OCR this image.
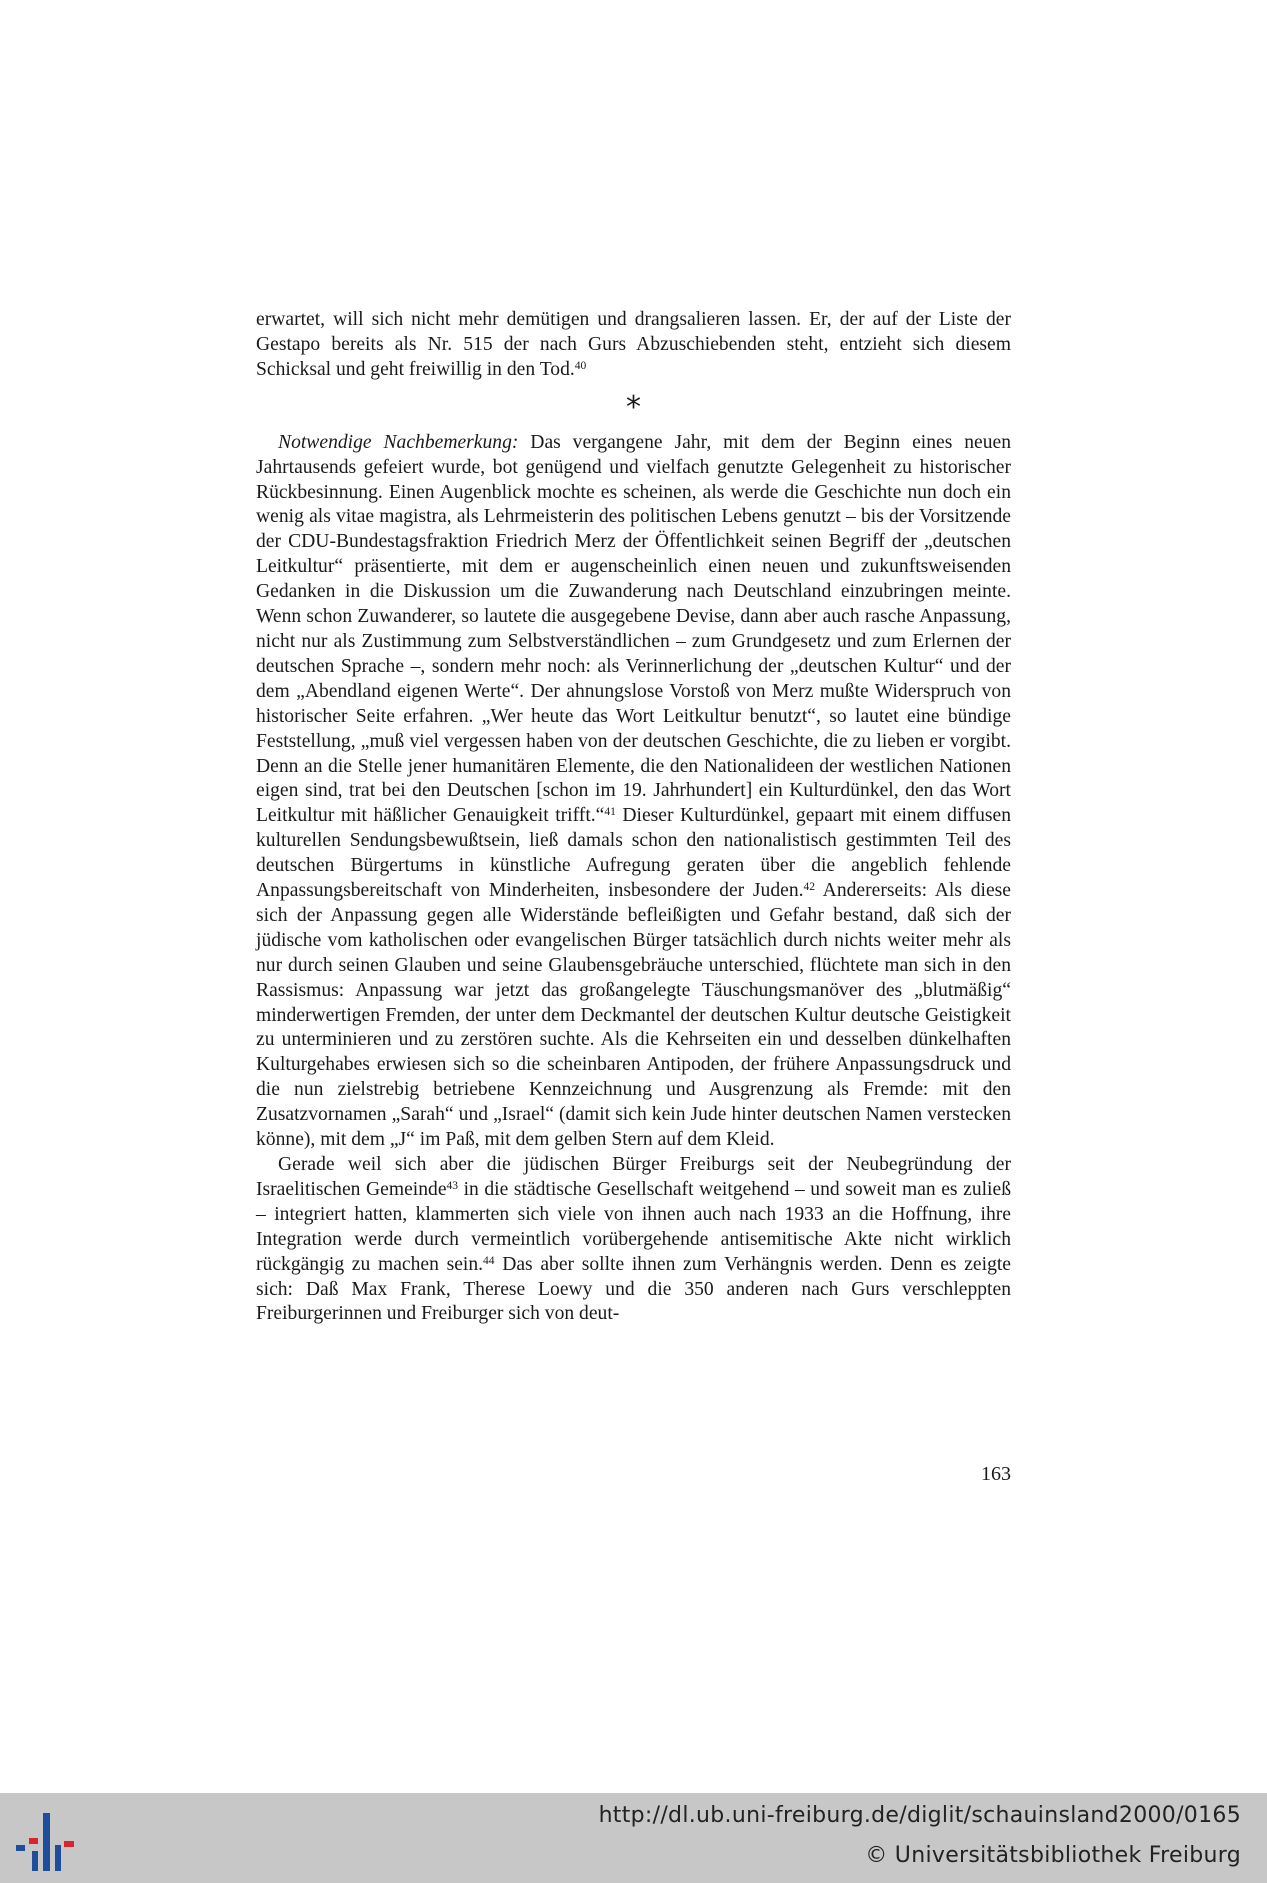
erwartet, will sich nicht mehr demütigen und drangsalieren lassen. Er, der auf der Liste der Gestapo bereits als Nr. 515 der nach Gurs Abzuschiebenden steht, entzieht sich diesem Schicksal und geht freiwillig in den Tod.$^{40}$

*

Notwendige Nachbemerkung: Das vergangene Jahr, mit dem der Beginn eines neuen Jahrtausends gefeiert wurde, bot genügend und vielfach genutzte Gelegenheit zu historischer Rückbesinnung. Einen Augenblick mochte es scheinen, als werde die Geschichte nun doch ein wenig als vitae magistra, als Lehrmeisterin des politischen Lebens genutzt – bis der Vorsitzende der CDU-Bundestagsfraktion Friedrich Merz der Öffentlichkeit seinen Begriff der „deutschen Leitkultur“ präsentierte, mit dem er augenscheinlich einen neuen und zukunftsweisenden Gedanken in die Diskussion um die Zuwanderung nach Deutschland einzubringen meinte. Wenn schon Zuwanderer, so lautete die ausgegebene Devise, dann aber auch rasche Anpassung, nicht nur als Zustimmung zum Selbstverständlichen – zum Grundgesetz und zum Erlernen der deutschen Sprache –, sondern mehr noch: als Verinnerlichung der „deutschen Kultur“ und der dem „Abendland eigenen Werte“. Der ahnungslose Vorstoß von Merz mußte Widerspruch von historischer Seite erfahren. „Wer heute das Wort Leitkultur benutzt“, so lautet eine bündige Feststellung, „muß viel vergessen haben von der deutschen Geschichte, die zu lieben er vorgibt. Denn an die Stelle jener humanitären Elemente, die den Nationalideen der westlichen Nationen eigen sind, trat bei den Deutschen [schon im 19. Jahrhundert] ein Kulturdünkel, den das Wort Leitkultur mit häßlicher Genauigkeit trifft.“$^{41}$ Dieser Kulturdünkel, gepaart mit einem diffusen kulturellen Sendungsbewußtsein, ließ damals schon den nationalistisch gestimmten Teil des deutschen Bürgertums in künstliche Aufregung geraten über die angeblich fehlende Anpassungsbereitschaft von Minderheiten, insbesondere der Juden.$^{42}$ Andererseits: Als diese sich der Anpassung gegen alle Widerstände befleißigten und Gefahr bestand, daß sich der jüdische vom katholischen oder evangelischen Bürger tatsächlich durch nichts weiter mehr als nur durch seinen Glauben und seine Glaubensgebräuche unterschied, flüchtete man sich in den Rassismus: Anpassung war jetzt das großangelegte Täuschungsmanöver des „blutmäßig“ minderwertigen Fremden, der unter dem Deckmantel der deutschen Kultur deutsche Geistigkeit zu unterminieren und zu zerstören suchte. Als die Kehrseiten ein und desselben dünkelhaften Kulturgehabes erwiesen sich so die scheinbaren Antipoden, der frühere Anpassungsdruck und die nun zielstrebig betriebene Kennzeichnung und Ausgrenzung als Fremde: mit den Zusatzvornamen „Sarah“ und „Israel“ (damit sich kein Jude hinter deutschen Namen verstecken könne), mit dem „J“ im Paß, mit dem gelben Stern auf dem Kleid.

Gerade weil sich aber die jüdischen Bürger Freiburgs seit der Neubegründung der Israelitischen Gemeinde$^{43}$ in die städtische Gesellschaft weitgehend – und soweit man es zuließ – integriert hatten, klammerten sich viele von ihnen auch nach 1933 an die Hoffnung, ihre Integration werde durch vermeintlich vorübergehende antisemitische Akte nicht wirklich rückgängig zu machen sein.$^{44}$ Das aber sollte ihnen zum Verhängnis werden. Denn es zeigte sich: Daß Max Frank, Therese Loewy und die 350 anderen nach Gurs verschleppten Freiburgerinnen und Freiburger sich von deut-

163
http://dl.ub.uni-freiburg.de/diglit/schauinsland2000/0165
© Universitätsbibliothek Freiburg
